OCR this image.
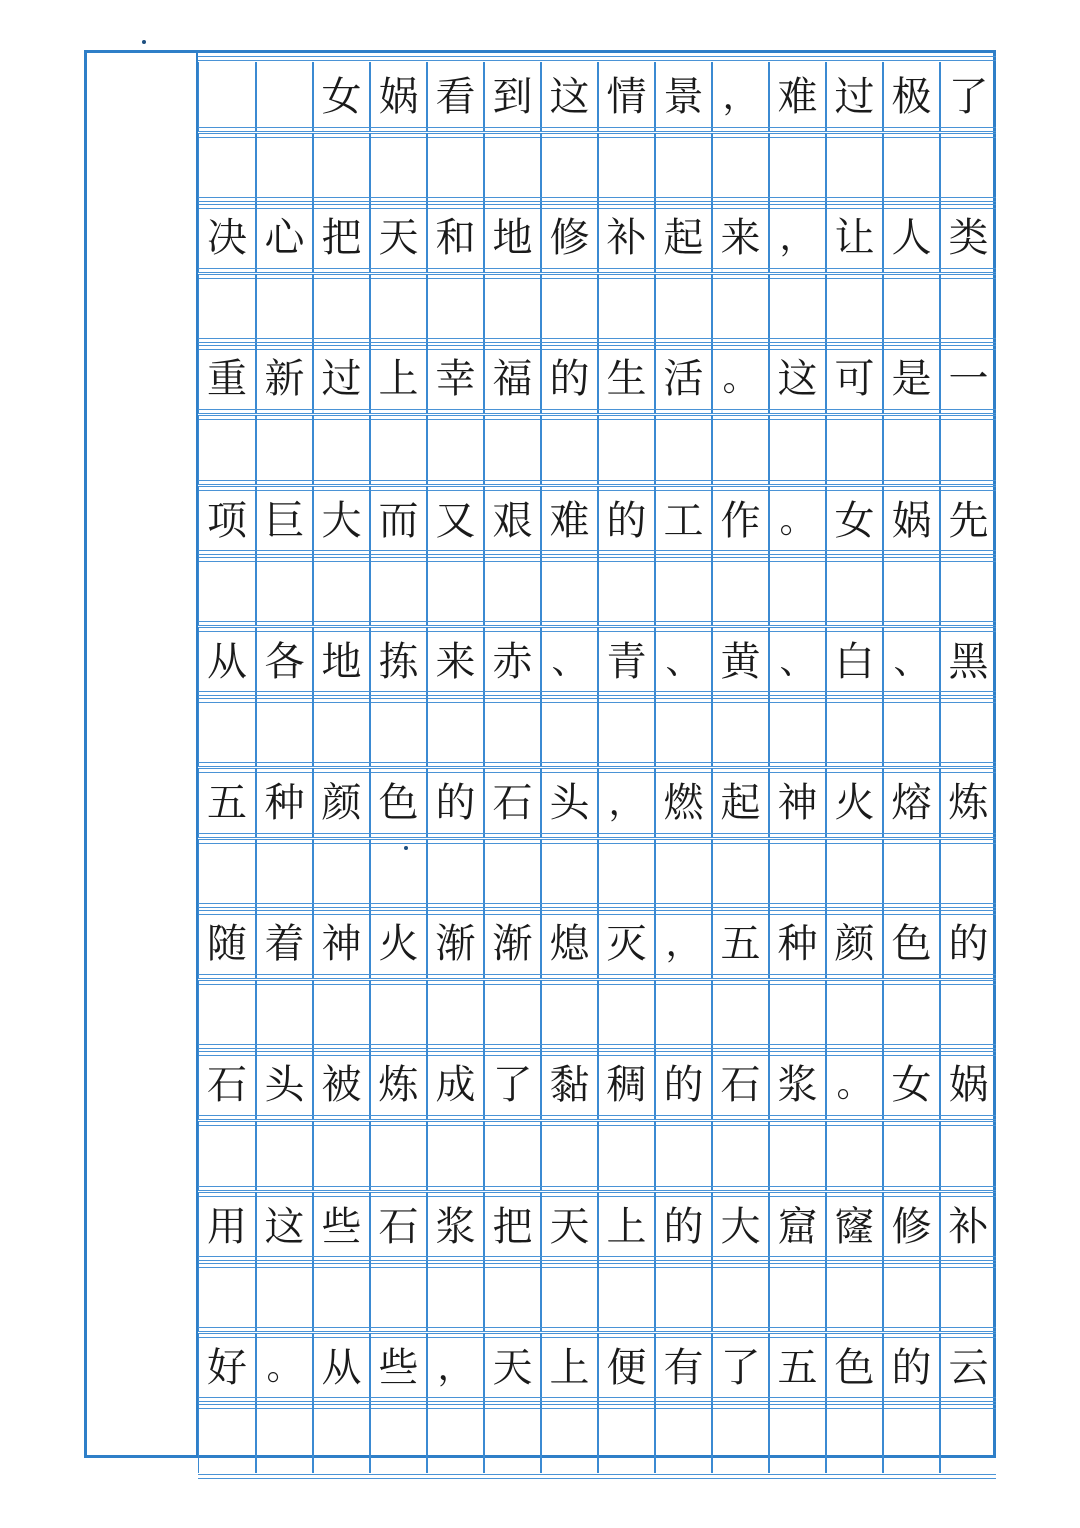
女 娲 看 到 这 情 景 ， 难 过 极 了
决 心 把 天 和 地 修 补 起 来 ， 让 人 类
重 新 过 上 幸 福 的 生 活 。 这 可 是 一
项 巨 大 而 又 艰 难 的 工 作 。 女 娲 先
从 各 地 拣 来 赤 、 青 、 黄 、 白 、 黑
五 种 颜 色 的 石 头 ， 燃 起 神 火 熔 炼
随 着 神 火 渐 渐 熄 灭 ， 五 种 颜 色 的
石 头 被 炼 成 了 黏 稠 的 石 浆 。 女 娲
用 这 些 石 浆 把 天 上 的 大 窟 窿 修 补
好 。 从 些 ， 天 上 便 有 了 五 色 的 云
